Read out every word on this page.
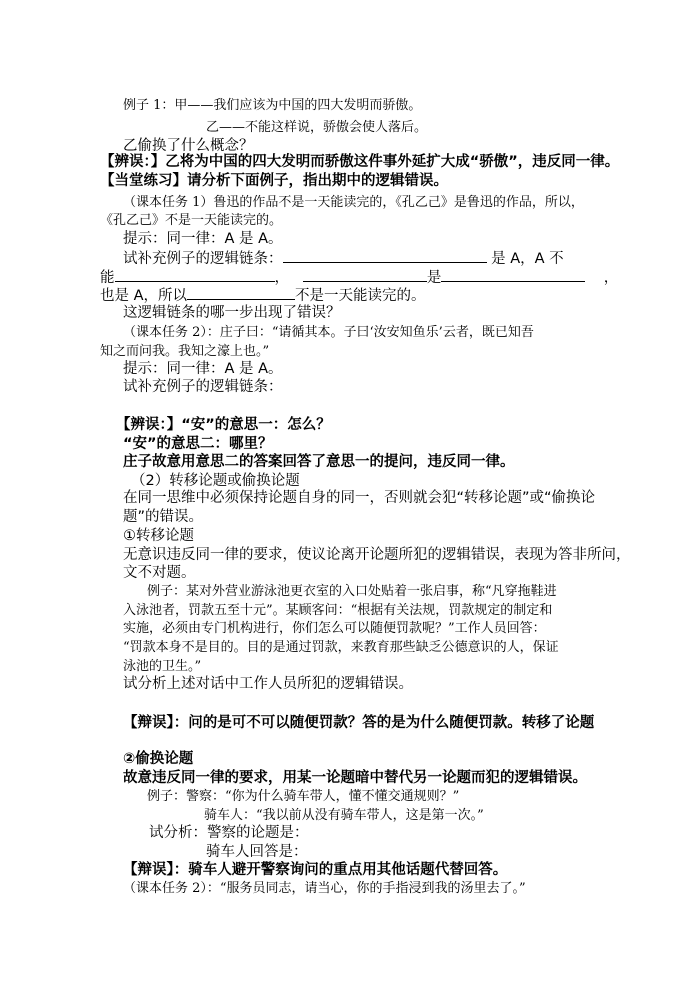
例子 1：甲——我们应该为中国的四大发明而骄傲。
乙——不能这样说，骄傲会使人落后。
乙偷换了什么概念？
【辨误：】乙将为中国的四大发明而骄傲这件事外延扩大成“骄傲”，违反同一律。
【当堂练习】请分析下面例子，指出期中的逻辑错误。
（课本任务 1）鲁迅的作品不是一天能读完的，《孔乙己》是鲁迅的作品，所以，
《孔乙己》不是一天能读完的。
提示：同一律：A 是 A。
试补充例子的逻辑链条：	是 A，A 不
能	，	是	，
也是 A，所以	不是一天能读完的。
这逻辑链条的哪一步出现了错误？
（课本任务 2）：庄子曰：“请循其本。子曰‘汝安知鱼乐’云者，既已知吾
知之而问我。我知之濠上也。”
提示：同一律：A 是 A。
试补充例子的逻辑链条：
【辨误：】“安”的意思一：怎么？
“安”的意思二：哪里？
庄子故意用意思二的答案回答了意思一的提问，违反同一律。
（2）转移论题或偷换论题
在同一思维中必须保持论题自身的同一，否则就会犯“转移论题”或“偷换论
题”的错误。
①转移论题
无意识违反同一律的要求，使议论离开论题所犯的逻辑错误，表现为答非所问，
文不对题。
例子：某对外营业游泳池更衣室的入口处贴着一张启事，称“凡穿拖鞋进
入泳池者，罚款五至十元”。某顾客问：“根据有关法规，罚款规定的制定和
实施，必须由专门机构进行，你们怎么可以随便罚款呢？”工作人员回答：
“罚款本身不是目的。目的是通过罚款，来教育那些缺乏公德意识的人，保证
泳池的卫生。”
试分析上述对话中工作人员所犯的逻辑错误。
【辩误】：问的是可不可以随便罚款？答的是为什么随便罚款。转移了论题
②偷换论题
故意违反同一律的要求，用某一论题暗中替代另一论题而犯的逻辑错误。
例子：警察：“你为什么骑车带人，懂不懂交通规则？”
骑车人：“我以前从没有骑车带人，这是第一次。”
试分析：警察的论题是：
骑车人回答是：
【辩误】：骑车人避开警察询问的重点用其他话题代替回答。
（课本任务 2）：“服务员同志，请当心，你的手指浸到我的汤里去了。”
